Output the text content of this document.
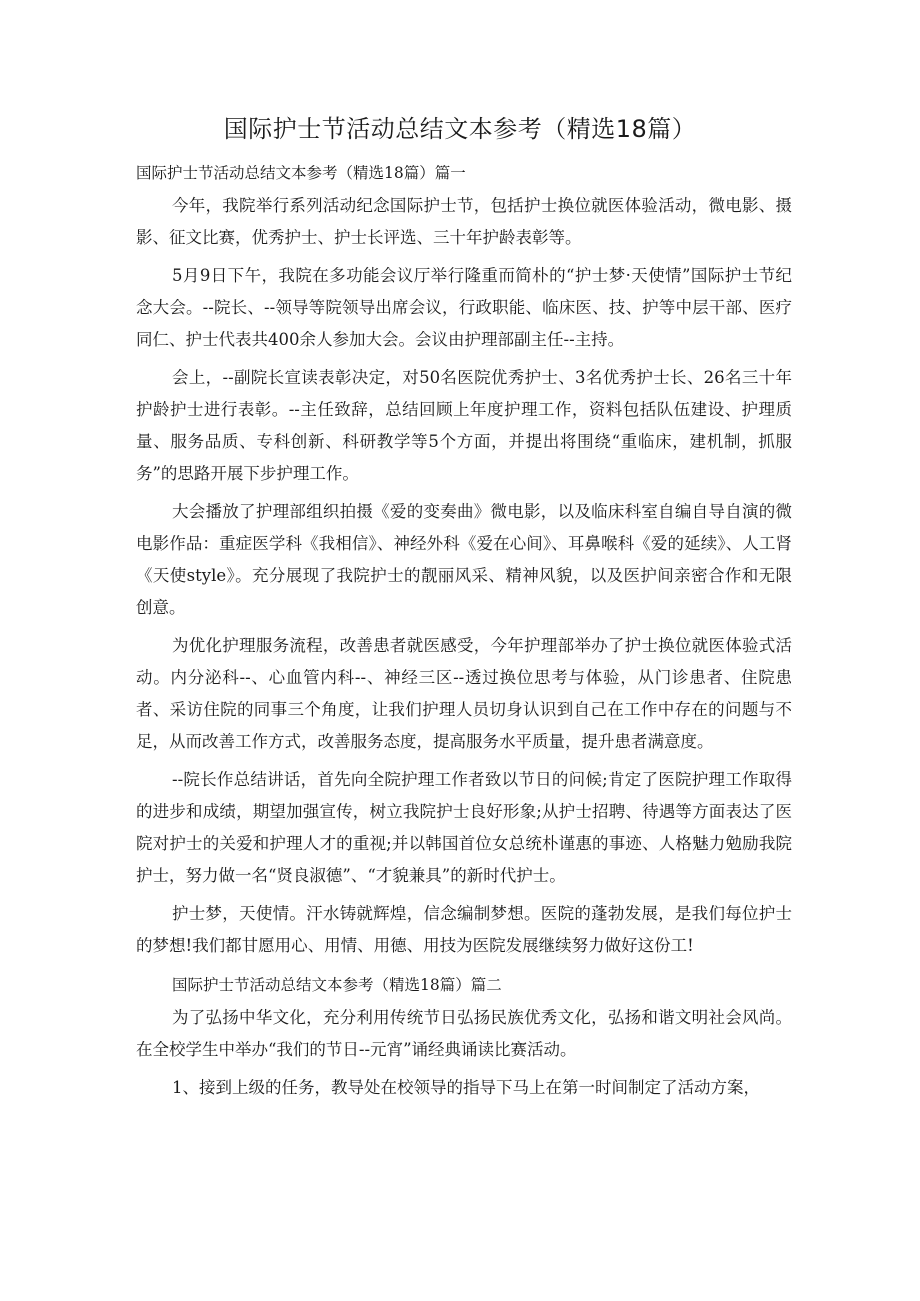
国际护士节活动总结文本参考（精选18篇）

国际护士节活动总结文本参考（精选18篇）篇一

今年，我院举行系列活动纪念国际护士节，包括护士换位就医体验活动，微电影、摄影、征文比赛，优秀护士、护士长评选、三十年护龄表彰等。

5月9日下午，我院在多功能会议厅举行隆重而简朴的“护士梦·天使情”国际护士节纪念大会。--院长、--领导等院领导出席会议，行政职能、临床医、技、护等中层干部、医疗同仁、护士代表共400余人参加大会。会议由护理部副主任--主持。

会上，--副院长宣读表彰决定，对50名医院优秀护士、3名优秀护士长、26名三十年护龄护士进行表彰。--主任致辞，总结回顾上年度护理工作，资料包括队伍建设、护理质量、服务品质、专科创新、科研教学等5个方面，并提出将围绕“重临床，建机制，抓服务”的思路开展下步护理工作。

大会播放了护理部组织拍摄《爱的变奏曲》微电影，以及临床科室自编自导自演的微电影作品：重症医学科《我相信》、神经外科《爱在心间》、耳鼻喉科《爱的延续》、人工肾《天使style》。充分展现了我院护士的靓丽风采、精神风貌，以及医护间亲密合作和无限创意。

为优化护理服务流程，改善患者就医感受，今年护理部举办了护士换位就医体验式活动。内分泌科--、心血管内科--、神经三区--透过换位思考与体验，从门诊患者、住院患者、采访住院的同事三个角度，让我们护理人员切身认识到自己在工作中存在的问题与不足，从而改善工作方式，改善服务态度，提高服务水平质量，提升患者满意度。

--院长作总结讲话，首先向全院护理工作者致以节日的问候;肯定了医院护理工作取得的进步和成绩，期望加强宣传，树立我院护士良好形象;从护士招聘、待遇等方面表达了医院对护士的关爱和护理人才的重视;并以韩国首位女总统朴谨惠的事迹、人格魅力勉励我院护士，努力做一名“贤良淑德”、“才貌兼具”的新时代护士。

护士梦，天使情。汗水铸就辉煌，信念编制梦想。医院的蓬勃发展，是我们每位护士的梦想!我们都甘愿用心、用情、用德、用技为医院发展继续努力做好这份工!

国际护士节活动总结文本参考（精选18篇）篇二

为了弘扬中华文化，充分利用传统节日弘扬民族优秀文化，弘扬和谐文明社会风尚。在全校学生中举办“我们的节日--元宵”诵经典诵读比赛活动。

1、接到上级的任务，教导处在校领导的指导下马上在第一时间制定了活动方案，
